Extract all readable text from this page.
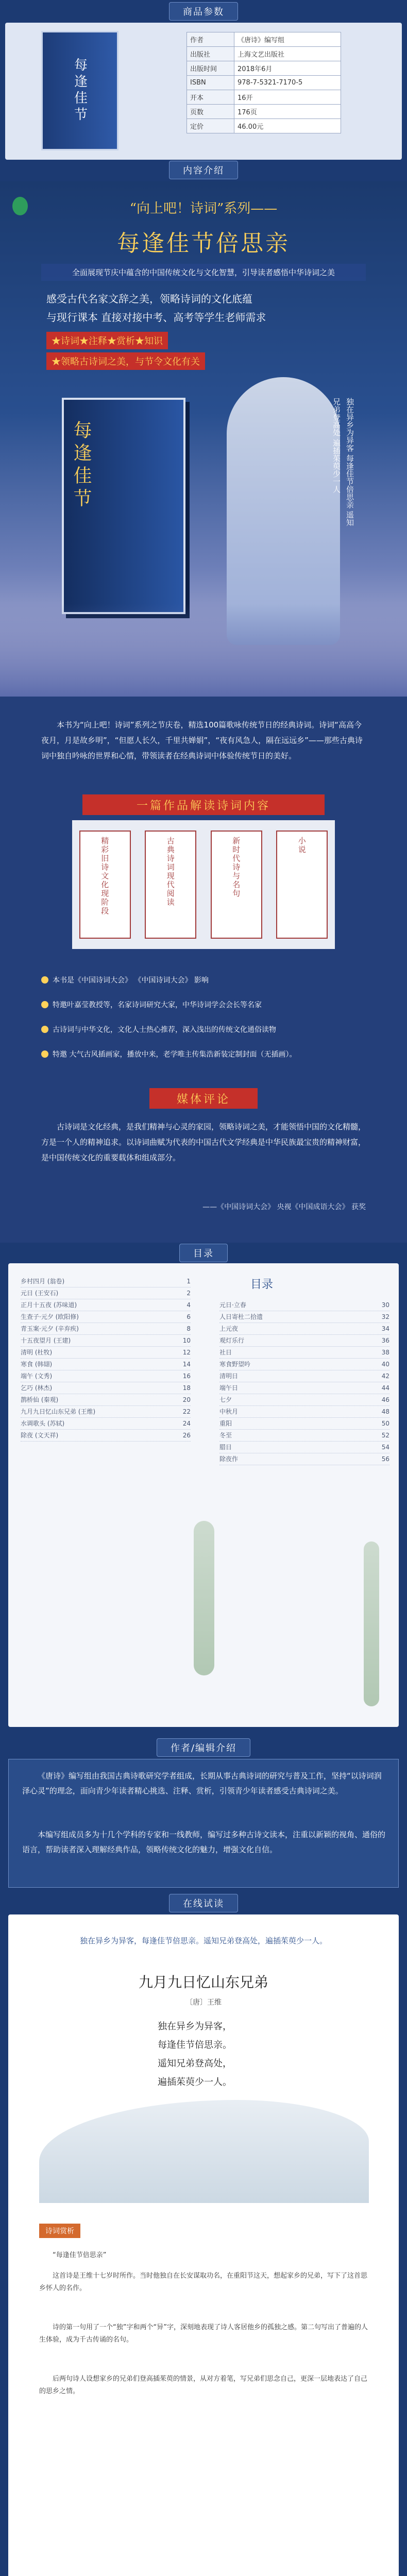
商品参数
每逢佳节
作者	《唐诗》编写组
出版社	上海文艺出版社
出版时间	2018年6月
ISBN	978-7-5321-7170-5
开本	16开
页数	176页
定价	46.00元
内容介绍
“向上吧！诗词”系列——
每逢佳节倍思亲
全面展现节庆中蕴含的中国传统文化与文化智慧，引导读者感悟中华诗词之美
感受古代名家文辞之美，领略诗词的文化底蕴
与现行课本 直接对接中考、高考等学生老师需求
★诗词★注释★赏析★知识
★领略古诗词之美，与节令文化有关
每逢佳节	独在异乡为异客 每逢佳节倍思亲 遥知兄弟登高处 遍插茱萸少一人

本书为“向上吧！诗词”系列之节庆卷，精选100篇歌咏传统节日的经典诗词。诗词“高高今夜月，月是故乡明”，“但愿人长久，千里共婵娟”，“夜有风急人，隔在远远乡”——那些古典诗词中独自吟咏的世界和心情，带领读者在经典诗词中体验传统节日的美好。

一篇作品解读诗词内容
精彩旧诗文化现阶段	古典诗词现代阅读	新时代诗与名句	小说
本书是《中国诗词大会》 《中国诗词大会》 影响
特邀叶嘉莹教授等，名家诗词研究大家，中华诗词学会会长等名家
古诗词与中华文化，文化人士热心推荐，深入浅出的传统文化通俗读物
特邀 大气古风插画家，播放中来，老学唯主传集浩新装定制封面（无插画）。
媒体评论

古诗词是文化经典，是我们精神与心灵的家园，领略诗词之美，才能领悟中国的文化精髓，方是一个人的精神追求。以诗词曲赋为代表的中国古代文学经典是中华民族最宝贵的精神财富，是中国传统文化的重要载体和组成部分。

——《中国诗词大会》 央视《中国成语大会》 获奖
目录
乡村四月 (翁卷)	1
元日 (王安石)	2
正月十五夜 (苏味道)	4
生查子·元夕 (欧阳修)	6
青玉案·元夕 (辛弃疾)	8
十五夜望月 (王建)	10
清明 (杜牧)	12
寒食 (韩翃)	14
端午 (文秀)	16
乞巧 (林杰)	18
鹊桥仙 (秦观)	20
九月九日忆山东兄弟 (王维)	22
水调歌头 (苏轼)	24
除夜 (文天祥)	26
目录
元日·立春	30
人日寄杜二拾遗	32
上元夜	34
观灯乐行	36
社日	38
寒食野望吟	40
清明日	42
端午日	44
七夕	46
中秋月	48
重阳	50
冬至	52
腊日	54
除夜作	56
作者/编辑介绍

《唐诗》编写组由我国古典诗歌研究学者组成，长期从事古典诗词的研究与普及工作，坚持“以诗词润泽心灵”的理念，面向青少年读者精心挑选、注释、赏析，引领青少年读者感受古典诗词之美。

本编写组成员多为十几个学科的专家和一线教师，编写过多种古诗文读本，注重以新颖的视角、通俗的语言，帮助读者深入理解经典作品，领略传统文化的魅力，增强文化自信。

在线试读
独在异乡为异客，每逢佳节倍思亲。遥知兄弟登高处，遍插茱萸少一人。
九月九日忆山东兄弟
〔唐〕王维
独在异乡为异客，
每逢佳节倍思亲。
遥知兄弟登高处，
遍插茱萸少一人。
诗词赏析

“每逢佳节倍思亲”

这首诗是王维十七岁时所作。当时他独自在长安谋取功名，在重阳节这天，想起家乡的兄弟，写下了这首思乡怀人的名作。

诗的第一句用了一个“独”字和两个“异”字，深刻地表现了诗人客居他乡的孤独之感。第二句写出了普遍的人生体验，成为千古传诵的名句。

后两句诗人设想家乡的兄弟们登高插茱萸的情景，从对方着笔，写兄弟们思念自己，更深一层地表达了自己的思乡之情。
